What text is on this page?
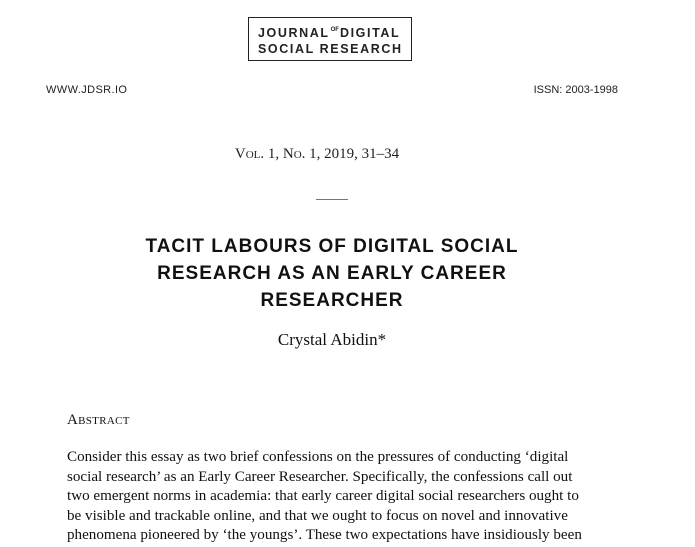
$JOURNAL^{OF}DIGITAL$
SOCIAL RESEARCH
WWW.JDSR.IO	ISSN: 2003-1998
Vol. 1, No. 1, 2019, 31–34
TACIT LABOURS OF DIGITAL SOCIAL
RESEARCH AS AN EARLY CAREER
RESEARCHER
Crystal Abidin*
Abstract
Consider this essay as two brief confessions on the pressures of conducting ‘digital
social research’ as an Early Career Researcher. Specifically, the confessions call out
two emergent norms in academia: that early career digital social researchers ought to
be visible and trackable online, and that we ought to focus on novel and innovative
phenomena pioneered by ‘the youngs’. These two expectations have insidiously been
